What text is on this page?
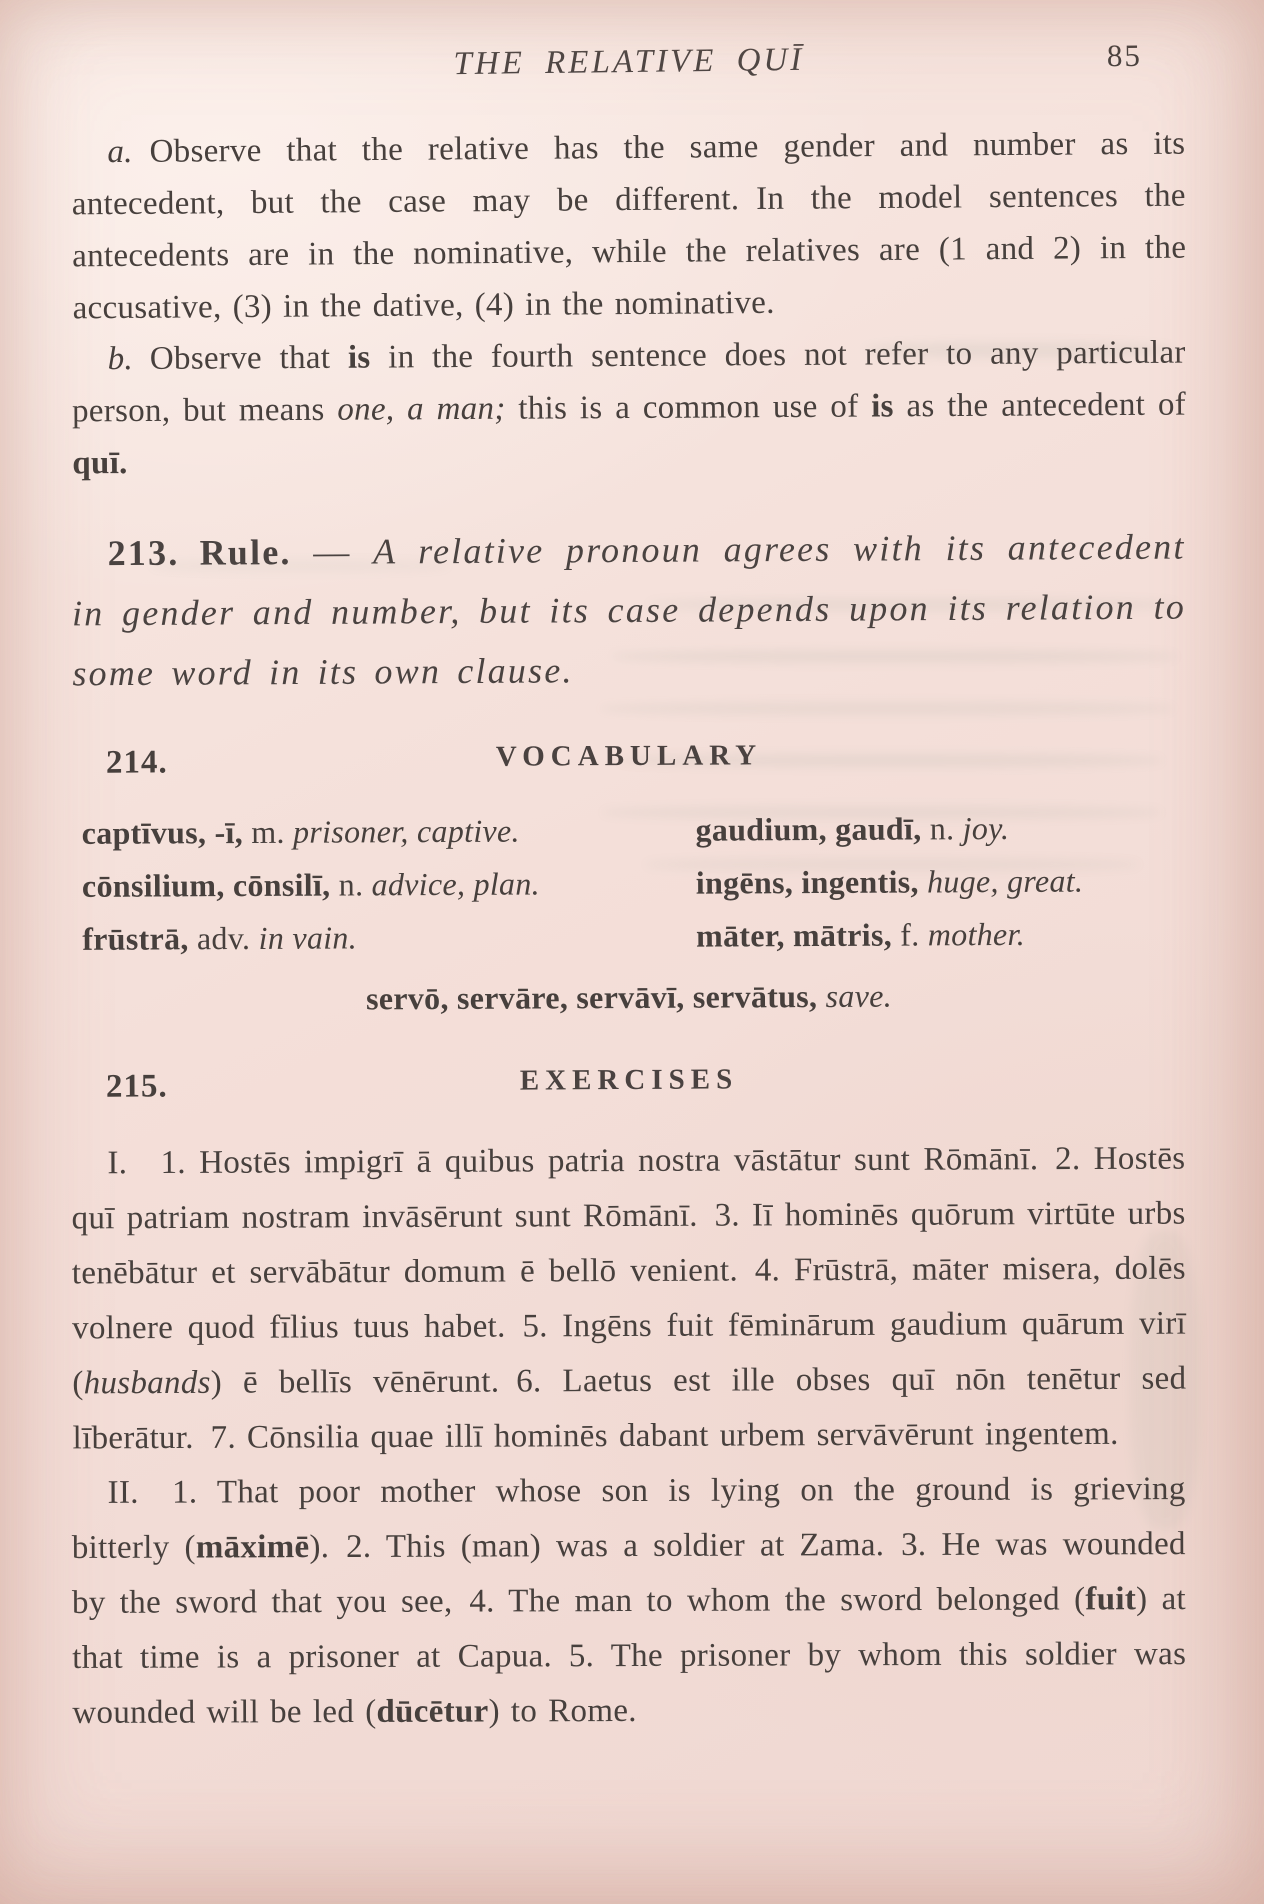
THE RELATIVE QUĪ	85

a. Observe that the relative has the same gender and number as its antecedent, but the case may be different. In the model sentences the antecedents are in the nominative, while the relatives are (1 and 2) in the accusative, (3) in the dative, (4) in the nominative.

b. Observe that is in the fourth sentence does not refer to any particular person, but means one, a man; this is a common use of is as the antecedent of quī.

213. Rule. — A relative pronoun agrees with its antecedent in gender and number, but its case depends upon its relation to some word in its own clause.

214.	VOCABULARY

captīvus, -ī, m. prisoner, captive.

cōnsilium, cōnsilī, n. advice, plan.

frūstrā, adv. in vain.

gaudium, gaudī, n. joy.

ingēns, ingentis, huge, great.

māter, mātris, f. mother.

servō, servāre, servāvī, servātus, save.

215.	EXERCISES

I. 1. Hostēs impigrī ā quibus patria nostra vāstātur sunt Rōmānī. 2. Hostēs quī patriam nostram invāsērunt sunt Rōmānī. 3. Iī hominēs quōrum virtūte urbs tenēbātur et servābātur domum ē bellō venient. 4. Frūstrā, māter misera, dolēs volnere quod fīlius tuus habet. 5. Ingēns fuit fēminārum gaudium quārum virī (husbands) ē bellīs vēnērunt. 6. Laetus est ille obses quī nōn tenētur sed līberātur. 7. Cōnsilia quae illī hominēs dabant urbem servāvērunt ingentem.

II. 1. That poor mother whose son is lying on the ground is grieving bitterly (māximē). 2. This (man) was a soldier at Zama. 3. He was wounded by the sword that you see, 4. The man to whom the sword belonged (fuit) at that time is a prisoner at Capua. 5. The prisoner by whom this soldier was wounded will be led (dūcētur) to Rome.
